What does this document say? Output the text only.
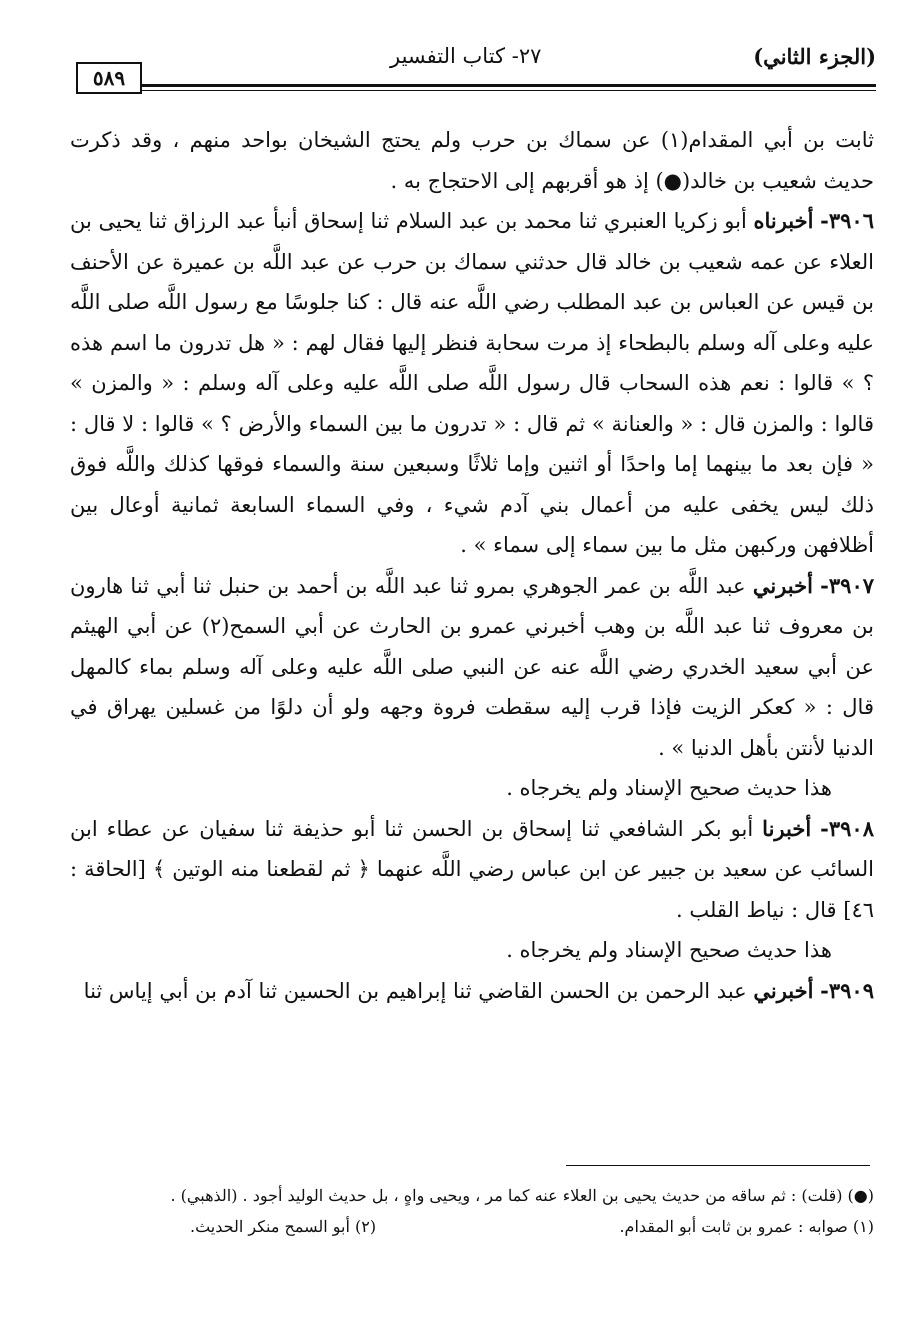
(الجزء الثاني)
٢٧- كتاب التفسير
٥٨٩

ثابت بن أبي المقدام(١) عن سماك بن حرب ولم يحتج الشيخان بواحد منهم ، وقد ذكرت حديث شعيب بن خالد(●) إذ هو أقربهم إلى الاحتجاج به .

٣٩٠٦- أخبرناه أبو زكريا العنبري ثنا محمد بن عبد السلام ثنا إسحاق أنبأ عبد الرزاق ثنا يحيى بن العلاء عن عمه شعيب بن خالد قال حدثني سماك بن حرب عن عبد اللَّه بن عميرة عن الأحنف بن قيس عن العباس بن عبد المطلب رضي اللَّه عنه قال : كنا جلوسًا مع رسول اللَّه صلى اللَّه عليه وعلى آله وسلم بالبطحاء إذ مرت سحابة فنظر إليها فقال لهم : « هل تدرون ما اسم هذه ؟ » قالوا : نعم هذه السحاب قال رسول اللَّه صلى اللَّه عليه وعلى آله وسلم : « والمزن » قالوا : والمزن قال : « والعنانة » ثم قال : « تدرون ما بين السماء والأرض ؟ » قالوا : لا قال : « فإن بعد ما بينهما إما واحدًا أو اثنين وإما ثلاثًا وسبعين سنة والسماء فوقها كذلك واللَّه فوق ذلك ليس يخفى عليه من أعمال بني آدم شيء ، وفي السماء السابعة ثمانية أوعال بين أظلافهن وركبهن مثل ما بين سماء إلى سماء » .

٣٩٠٧- أخبرني عبد اللَّه بن عمر الجوهري بمرو ثنا عبد اللَّه بن أحمد بن حنبل ثنا أبي ثنا هارون بن معروف ثنا عبد اللَّه بن وهب أخبرني عمرو بن الحارث عن أبي السمح(٢) عن أبي الهيثم عن أبي سعيد الخدري رضي اللَّه عنه عن النبي صلى اللَّه عليه وعلى آله وسلم بماء كالمهل قال : « كعكر الزيت فإذا قرب إليه سقطت فروة وجهه ولو أن دلوًا من غسلين يهراق في الدنيا لأنتن بأهل الدنيا » .

هذا حديث صحيح الإسناد ولم يخرجاه .

٣٩٠٨- أخبرنا أبو بكر الشافعي ثنا إسحاق بن الحسن ثنا أبو حذيفة ثنا سفيان عن عطاء ابن السائب عن سعيد بن جبير عن ابن عباس رضي اللَّه عنهما ﴿ ثم لقطعنا منه الوتين ﴾ [الحاقة : ٤٦] قال : نياط القلب .

هذا حديث صحيح الإسناد ولم يخرجاه .

٣٩٠٩- أخبرني عبد الرحمن بن الحسن القاضي ثنا إبراهيم بن الحسين ثنا آدم بن أبي إياس ثنا

(●) (قلت) : ثم ساقه من حديث يحيى بن العلاء عنه كما مر ، ويحيى واهٍ ، بل حديث الوليد أجود . (الذهبي) .

(١) صوابه : عمرو بن ثابت أبو المقدام.
(٢) أبو السمح منكر الحديث.
